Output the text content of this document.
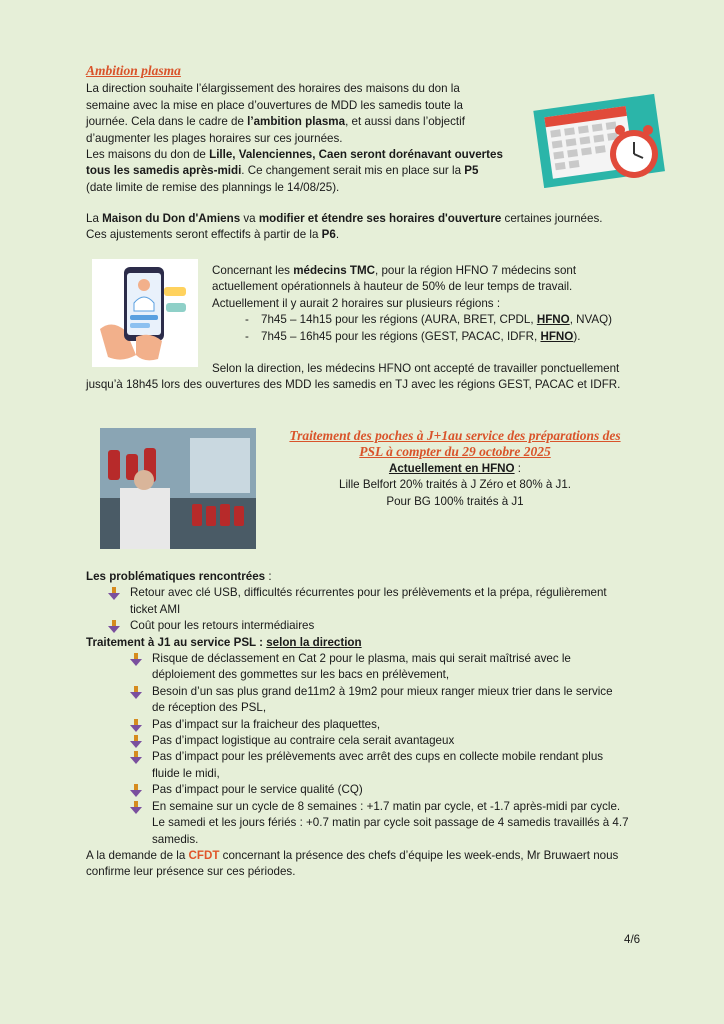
Ambition plasma

La direction souhaite l’élargissement des horaires des maisons du don la

semaine avec la mise en place d’ouvertures de MDD les samedis toute la

journée. Cela dans le cadre de l’ambition plasma, et aussi dans l’objectif

d’augmenter les plages horaires sur ces journées.

Les maisons du don de Lille, Valenciennes, Caen seront dorénavant ouvertes

tous les samedis après-midi. Ce changement serait mis en place sur la P5

(date limite de remise des plannings le 14/08/25).

La Maison du Don d'Amiens va modifier et étendre ses horaires d'ouverture certaines journées.

Ces ajustements seront effectifs à partir de la P6.

Concernant les médecins TMC, pour la région HFNO 7 médecins sont

actuellement opérationnels à hauteur de 50% de leur temps de travail.

Actuellement il y aurait 2 horaires sur plusieurs régions :

- 7h45 – 14h15 pour les régions (AURA, BRET, CPDL, HFNO, NVAQ)
- 7h45 – 16h45 pour les régions (GEST, PACAC, IDFR, HFNO).

Selon la direction, les médecins HFNO ont accepté de travailler ponctuellement

jusqu’à 18h45 lors des ouvertures des MDD les samedis en TJ avec les régions GEST, PACAC et IDFR.

Traitement des poches à J+1au service des préparations des

PSL à compter du 29 octobre 2025

Actuellement en HFNO :

Lille Belfort 20% traités à J Zéro et 80% à J1.

Pour BG 100% traités à J1

Les problématiques rencontrées :

Retour avec clé USB, difficultés récurrentes pour les prélèvements et la prépa, régulièrement
ticket AMI
Coût pour les retours intermédiaires

Traitement à J1 au service PSL : selon la direction

Risque de déclassement en Cat 2 pour le plasma, mais qui serait maîtrisé avec le
déploiement des gommettes sur les bacs en prélèvement,
Besoin d’un sas plus grand de11m2 à 19m2 pour mieux ranger mieux trier dans le service
de réception des PSL,
Pas d’impact sur la fraicheur des plaquettes,
Pas d’impact logistique au contraire cela serait avantageux
Pas d’impact pour les prélèvements avec arrêt des cups en collecte mobile rendant plus
fluide le midi,
Pas d’impact pour le service qualité (CQ)
En semaine sur un cycle de 8 semaines : +1.7 matin par cycle, et -1.7 après-midi par cycle.
Le samedi et les jours fériés : +0.7 matin par cycle soit passage de 4 samedis travaillés à 4.7
samedis.

A la demande de la CFDT concernant la présence des chefs d’équipe les week-ends, Mr Bruwaert nous

confirme leur présence sur ces périodes.

4/6
